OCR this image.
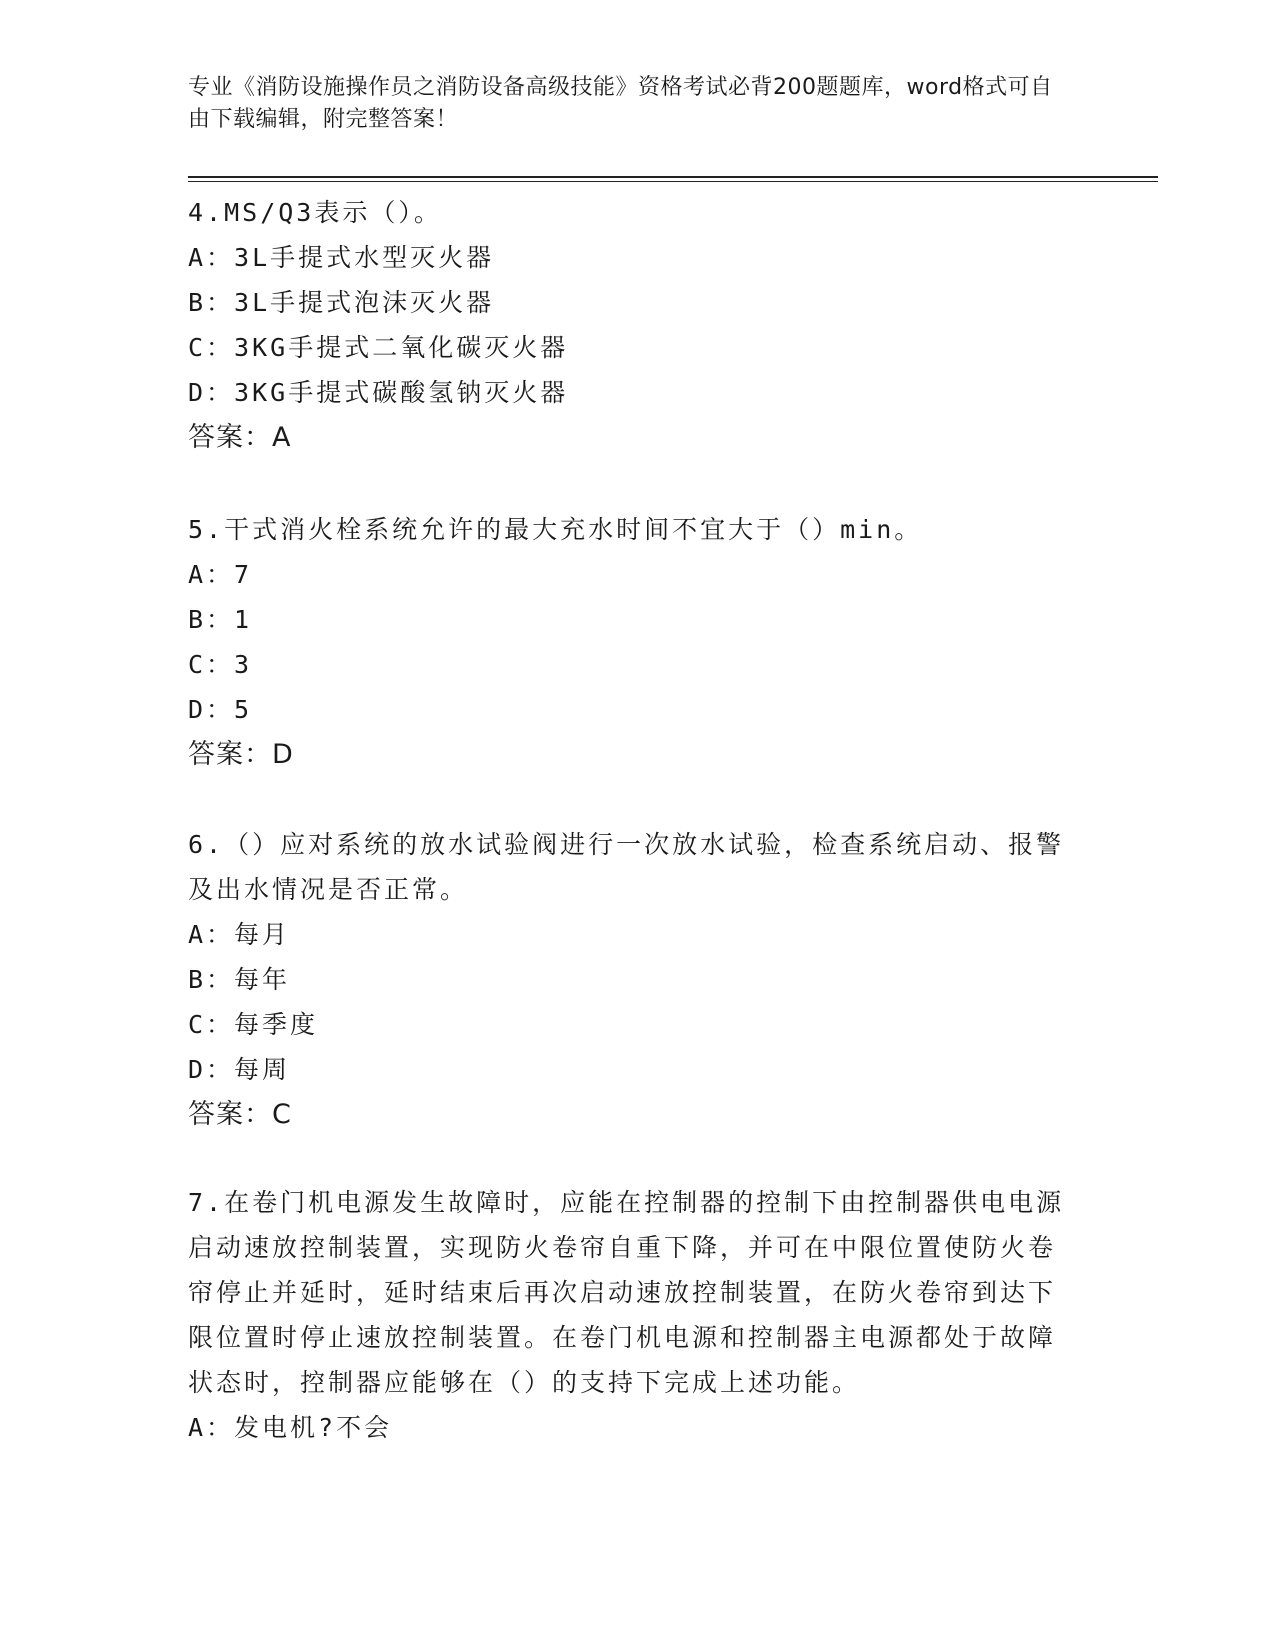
专业《消防设施操作员之消防设备高级技能》资格考试必背200题题库，word格式可自由下载编辑，附完整答案！

4.MS/Q3表示（）。

A：3L手提式水型灭火器

B：3L手提式泡沫灭火器

C：3KG手提式二氧化碳灭火器

D：3KG手提式碳酸氢钠灭火器

答案：A

5.干式消火栓系统允许的最大充水时间不宜大于（）min。

A：7

B：1

C：3

D：5

答案：D

6.（）应对系统的放水试验阀进行一次放水试验，检查系统启动、报警及出水情况是否正常。

A：每月

B：每年

C：每季度

D：每周

答案：C

7.在卷门机电源发生故障时，应能在控制器的控制下由控制器供电电源启动速放控制装置，实现防火卷帘自重下降，并可在中限位置使防火卷帘停止并延时，延时结束后再次启动速放控制装置，在防火卷帘到达下限位置时停止速放控制装置。在卷门机电源和控制器主电源都处于故障状态时，控制器应能够在（）的支持下完成上述功能。

A：发电机?不会
